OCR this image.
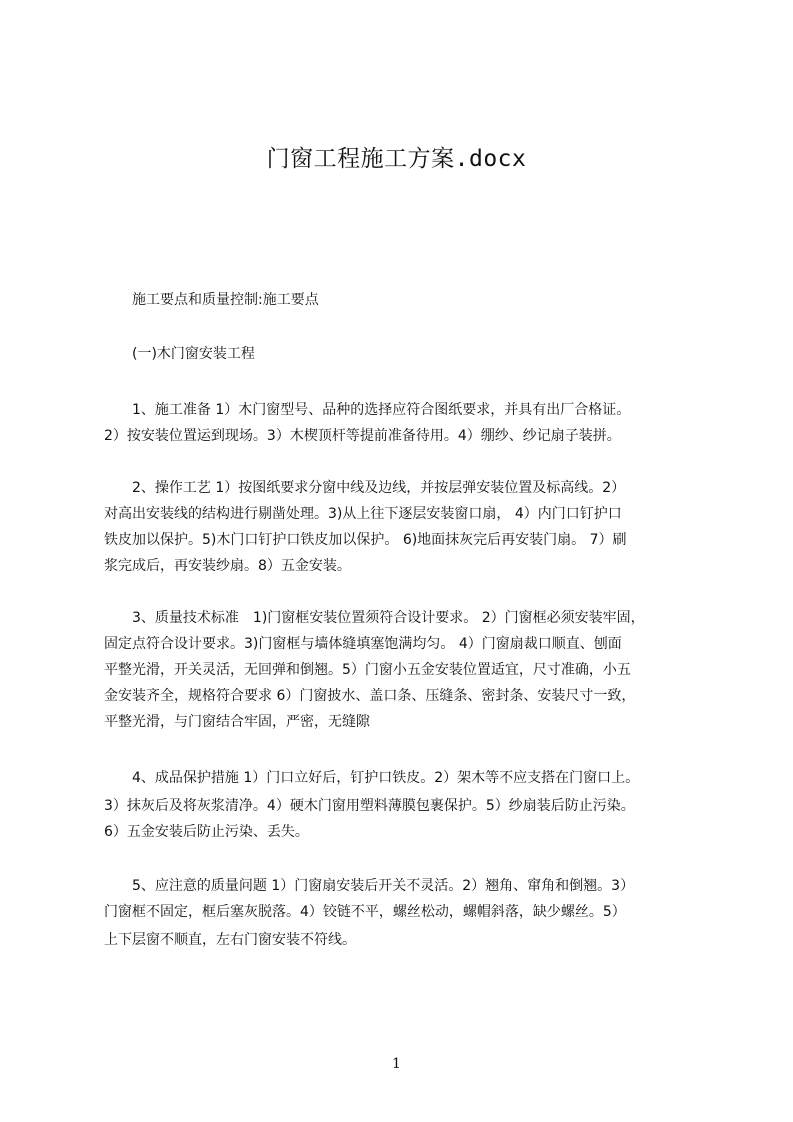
门窗工程施工方案.docx
　　施工要点和质量控制:施工要点
　　(一)木门窗安装工程
　　1、施工准备 1）木门窗型号、品种的选择应符合图纸要求，并具有出厂合格证。
2）按安装位置运到现场。3）木楔顶杆等提前准备待用。4）绷纱、纱记扇子装拼。
　　2、操作工艺 1）按图纸要求分窗中线及边线，并按层弹安装位置及标高线。2）
对高出安装线的结构进行剔凿处理。3)从上往下逐层安装窗口扇， 4）内门口钉护口
铁皮加以保护。5)木门口钉护口铁皮加以保护。 6)地面抹灰完后再安装门扇。 7）刷
浆完成后，再安装纱扇。8）五金安装。
　　3、质量技术标准　1)门窗框安装位置须符合设计要求。 2）门窗框必须安装牢固，
固定点符合设计要求。3)门窗框与墙体缝填塞饱满均匀。 4）门窗扇裁口顺直、刨面
平整光滑，开关灵活，无回弹和倒翘。5）门窗小五金安装位置适宜，尺寸准确，小五
金安装齐全，规格符合要求 6）门窗披水、盖口条、压缝条、密封条、安装尺寸一致，
平整光滑，与门窗结合牢固，严密，无缝隙
　　4、成品保护措施 1）门口立好后，钉护口铁皮。2）架木等不应支搭在门窗口上。
3）抹灰后及将灰浆清净。4）硬木门窗用塑料薄膜包裹保护。5）纱扇装后防止污染。
6）五金安装后防止污染、丢失。
　　5、应注意的质量问题 1）门窗扇安装后开关不灵活。2）翘角、窜角和倒翘。3）
门窗框不固定，框后塞灰脱落。4）铰链不平，螺丝松动，螺帽斜落，缺少螺丝。5）
上下层窗不顺直，左右门窗安装不符线。
1
